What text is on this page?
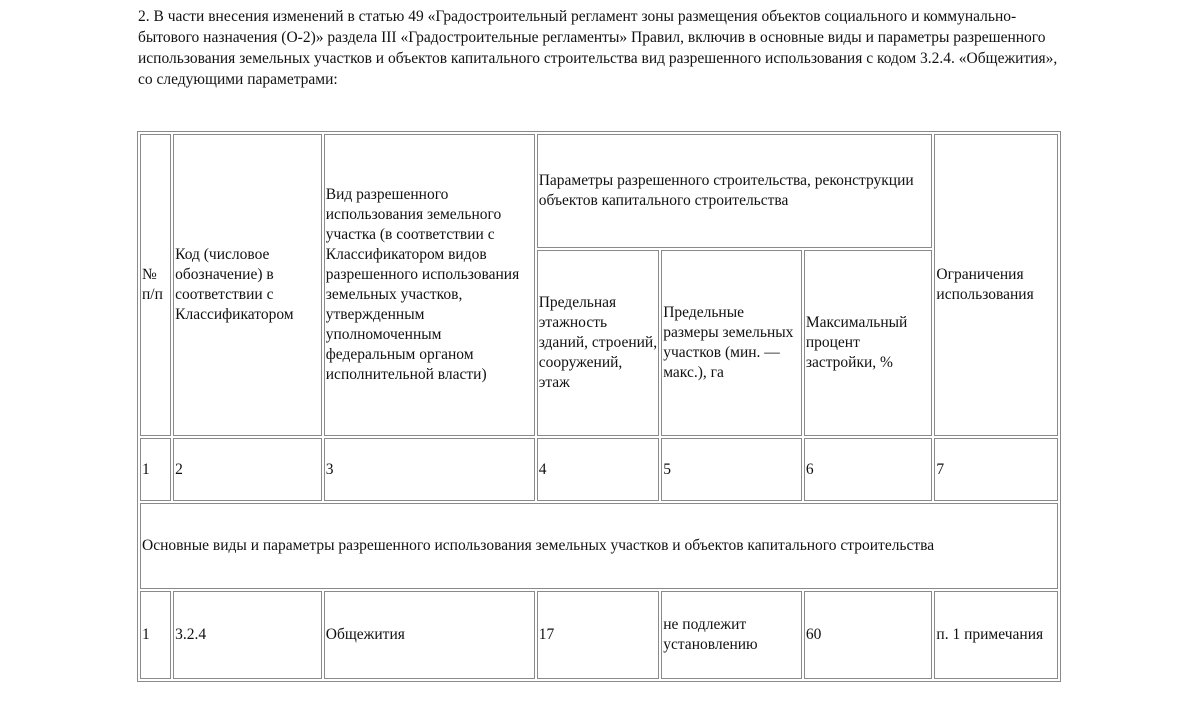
2. В части внесения изменений в статью 49 «Градостроительный регламент зоны размещения объектов социального и коммунально-бытового назначения (О-2)» раздела III «Градостроительные регламенты» Правил, включив в основные виды и параметры разрешенного использования земельных участков и объектов капитального строительства вид разрешенного использования с кодом 3.2.4. «Общежития», со следующими параметрами:

№ п/п	Код (числовое обозначение) в соответствии с Классификатором	Вид разрешенного использования земельного участка (в соответствии с Классификатором видов разрешенного использования земельных участков, утвержденным уполномоченным федеральным органом исполнительной власти)	Параметры разрешенного строительства, реконструкции объектов капитального строительства			Ограничения использования
			Предельная этажность зданий, строений, сооружений, этаж	Предельные размеры земельных участков (мин. — макс.), га	Максимальный процент застройки, %	
1	2	3	4	5	6	7
Основные виды и параметры разрешенного использования земельных участков и объектов капитального строительства						
1	3.2.4	Общежития	17	не подлежит установлению	60	п. 1 примечания
